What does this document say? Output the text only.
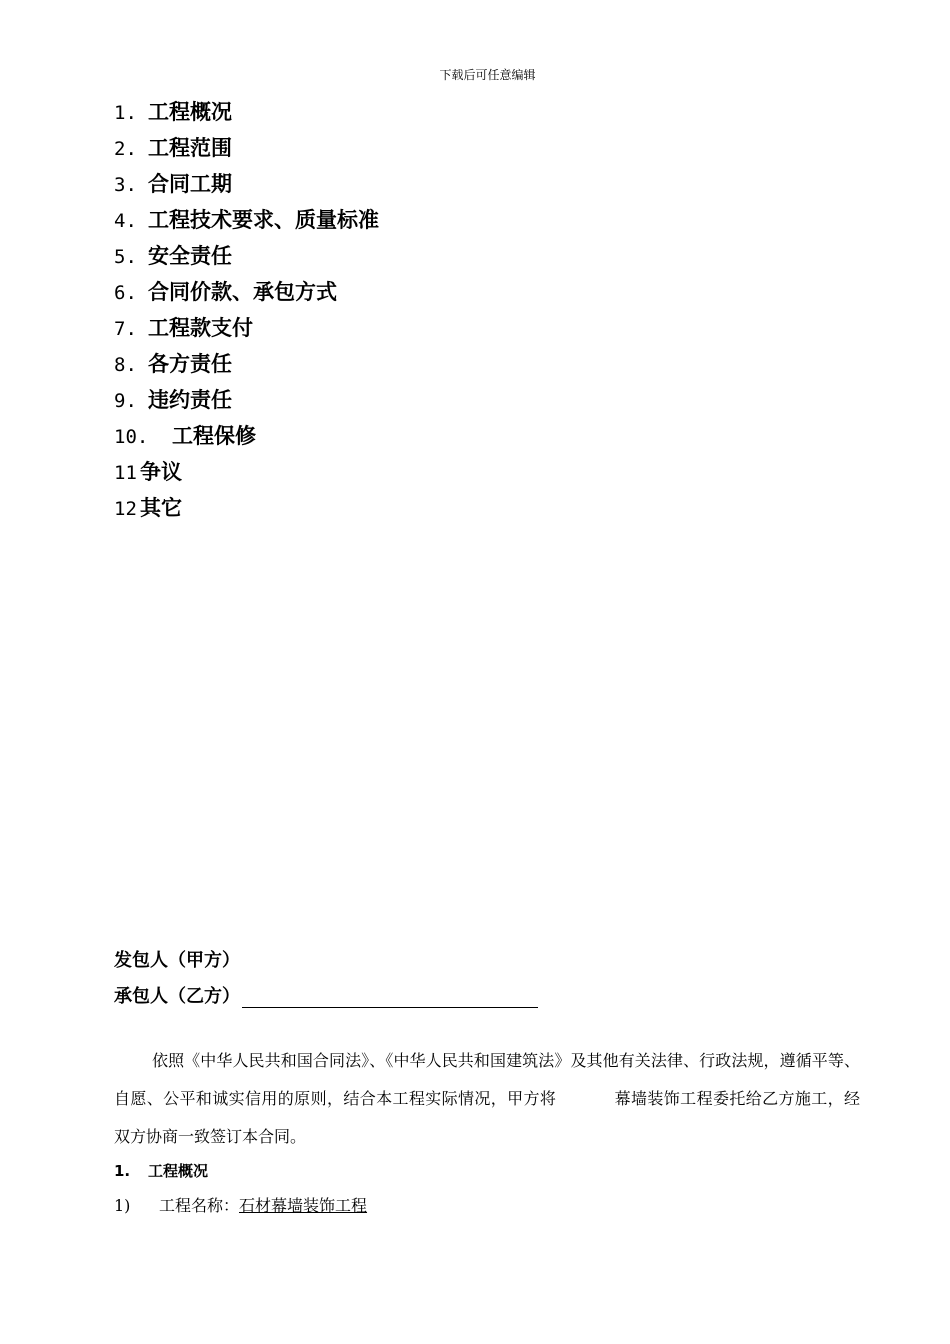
下载后可任意编辑
1. 工程概况
2. 工程范围
3. 合同工期
4. 工程技术要求、质量标准
5. 安全责任
6. 合同价款、承包方式
7. 工程款支付
8. 各方责任
9. 违约责任
10. 工程保修
11 争议
12 其它
发包人（甲方）
承包人（乙方）
依照《中华人民共和国合同法》、《中华人民共和国建筑法》及其他有关法律、行政法规，遵循平等、自愿、公平和诚实信用的原则，结合本工程实际情况，甲方将	幕墙装饰工程委托给乙方施工，经双方协商一致签订本合同。
1. 工程概况
1) 工程名称：石材幕墙装饰工程
